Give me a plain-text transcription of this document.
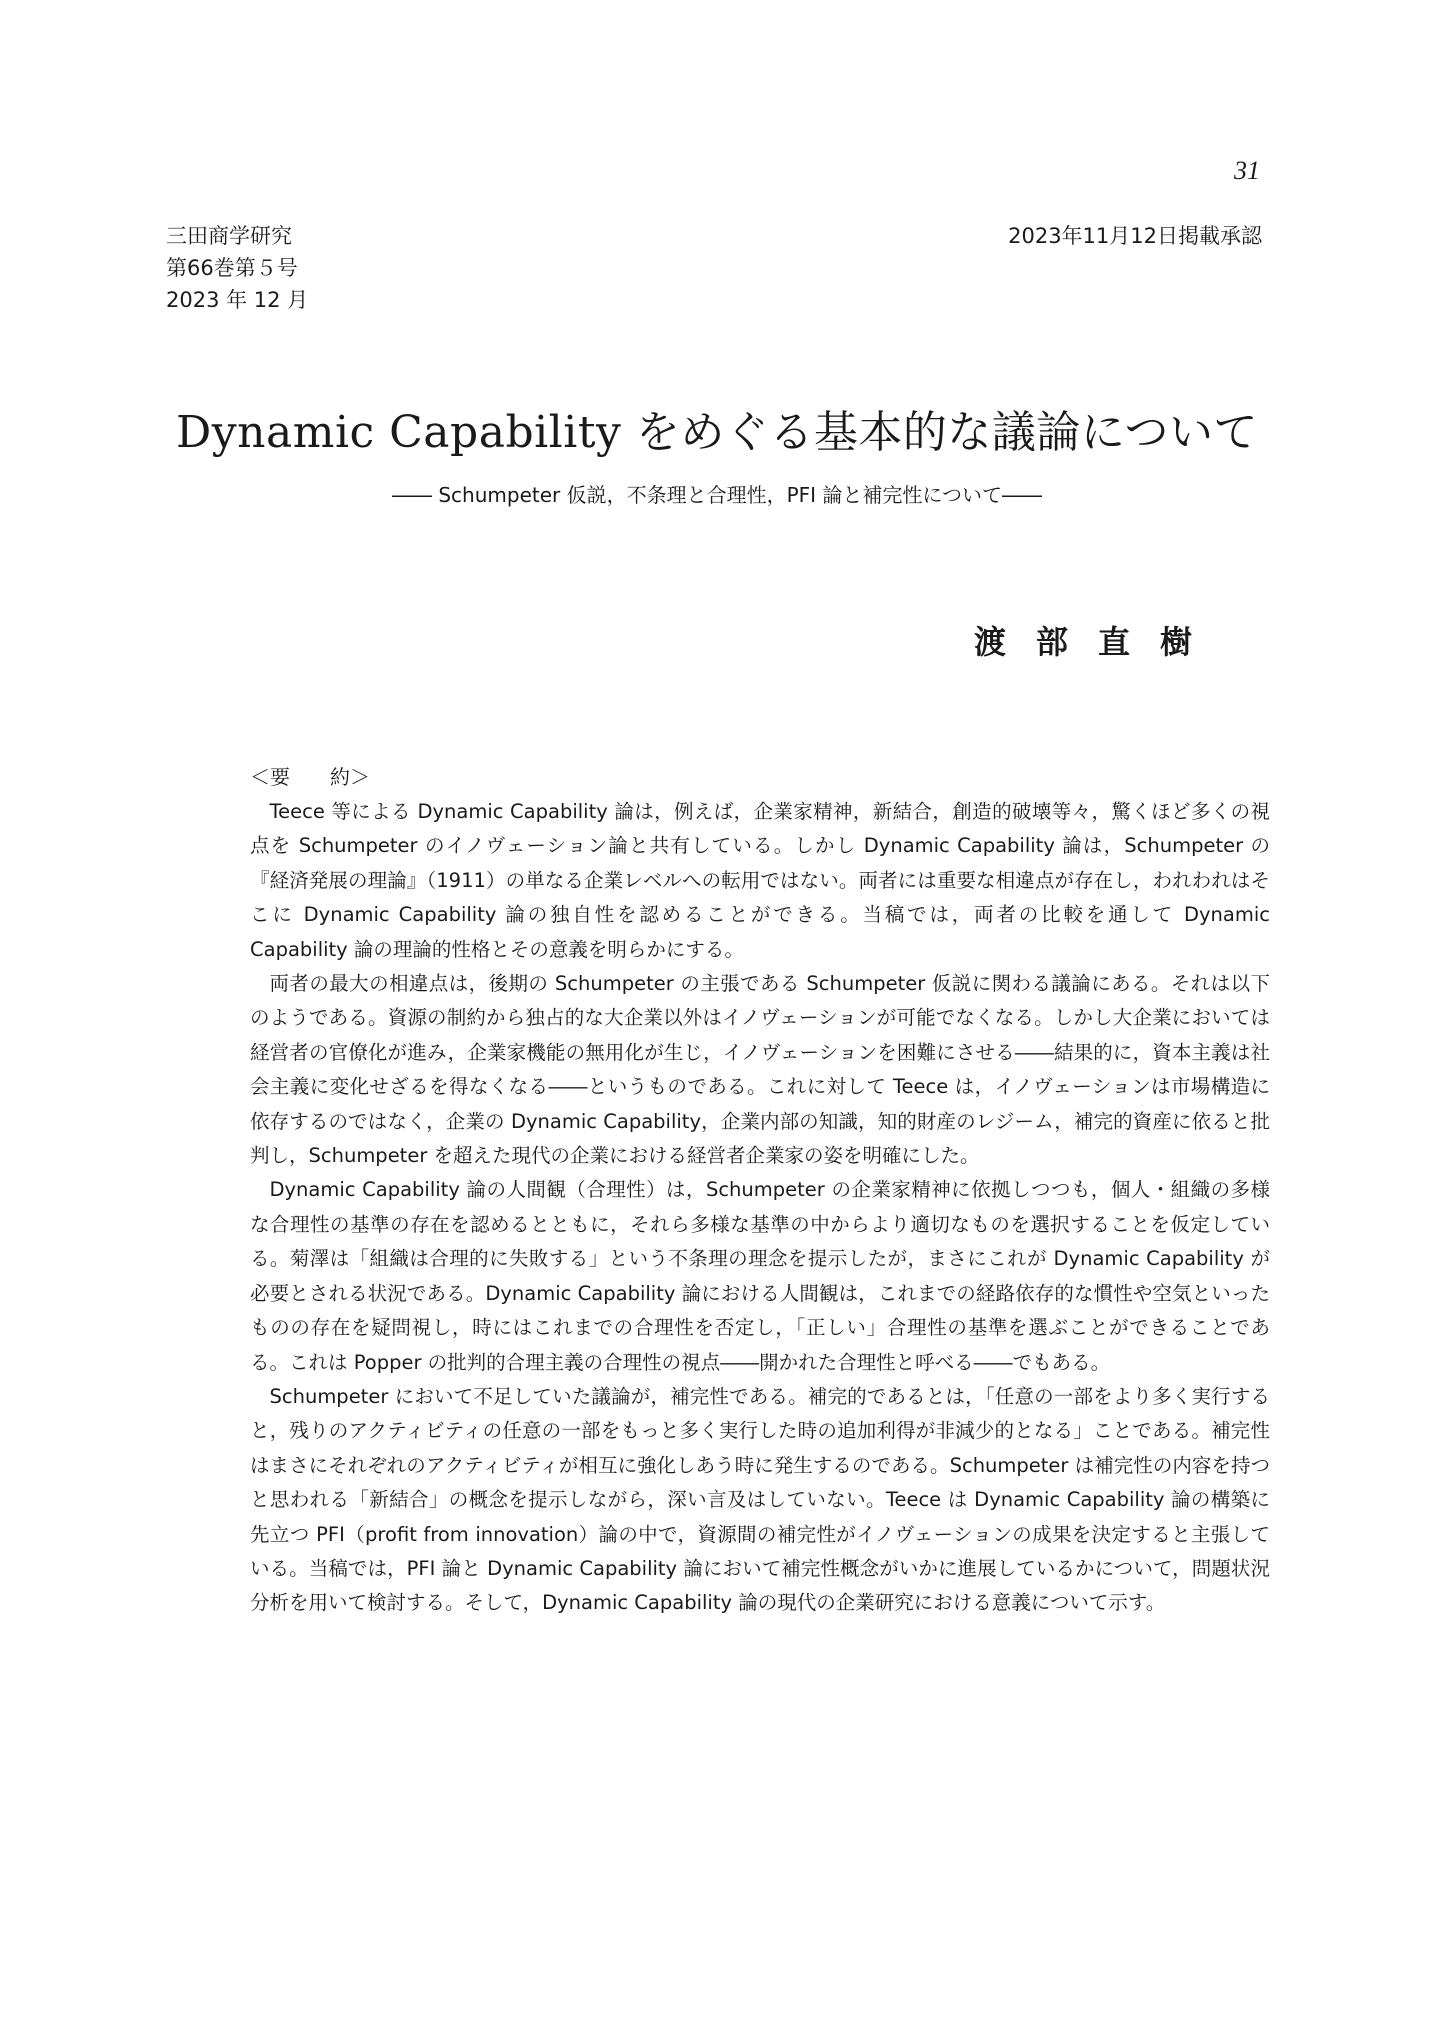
31
三田商学研究
第66巻第５号
2023 年 12 月
2023年11月12日掲載承認
Dynamic Capability をめぐる基本的な議論について
―― Schumpeter 仮説，不条理と合理性，PFI 論と補完性について――
渡部直樹
＜要　　約＞

Teece 等による Dynamic Capability 論は，例えば，企業家精神，新結合，創造的破壊等々，驚くほど多くの視点を Schumpeter のイノヴェーション論と共有している。しかし Dynamic Capability 論は，Schumpeter の『経済発展の理論』（1911）の単なる企業レベルへの転用ではない。両者には重要な相違点が存在し，われわれはそこに Dynamic Capability 論の独自性を認めることができる。当稿では，両者の比較を通して Dynamic Capability 論の理論的性格とその意義を明らかにする。

両者の最大の相違点は，後期の Schumpeter の主張である Schumpeter 仮説に関わる議論にある。それは以下のようである。資源の制約から独占的な大企業以外はイノヴェーションが可能でなくなる。しかし大企業においては経営者の官僚化が進み，企業家機能の無用化が生じ，イノヴェーションを困難にさせる――結果的に，資本主義は社会主義に変化せざるを得なくなる――というものである。これに対して Teece は，イノヴェーションは市場構造に依存するのではなく，企業の Dynamic Capability，企業内部の知識，知的財産のレジーム，補完的資産に依ると批判し，Schumpeter を超えた現代の企業における経営者企業家の姿を明確にした。

Dynamic Capability 論の人間観（合理性）は，Schumpeter の企業家精神に依拠しつつも，個人・組織の多様な合理性の基準の存在を認めるとともに，それら多様な基準の中からより適切なものを選択することを仮定している。菊澤は「組織は合理的に失敗する」という不条理の理念を提示したが，まさにこれが Dynamic Capability が必要とされる状況である。Dynamic Capability 論における人間観は，これまでの経路依存的な慣性や空気といったものの存在を疑問視し，時にはこれまでの合理性を否定し，「正しい」合理性の基準を選ぶことができることである。これは Popper の批判的合理主義の合理性の視点――開かれた合理性と呼べる――でもある。

Schumpeter において不足していた議論が，補完性である。補完的であるとは，「任意の一部をより多く実行すると，残りのアクティビティの任意の一部をもっと多く実行した時の追加利得が非減少的となる」ことである。補完性はまさにそれぞれのアクティビティが相互に強化しあう時に発生するのである。Schumpeter は補完性の内容を持つと思われる「新結合」の概念を提示しながら，深い言及はしていない。Teece は Dynamic Capability 論の構築に先立つ PFI（profit from innovation）論の中で，資源間の補完性がイノヴェーションの成果を決定すると主張している。当稿では，PFI 論と Dynamic Capability 論において補完性概念がいかに進展しているかについて，問題状況分析を用いて検討する。そして，Dynamic Capability 論の現代の企業研究における意義について示す。
